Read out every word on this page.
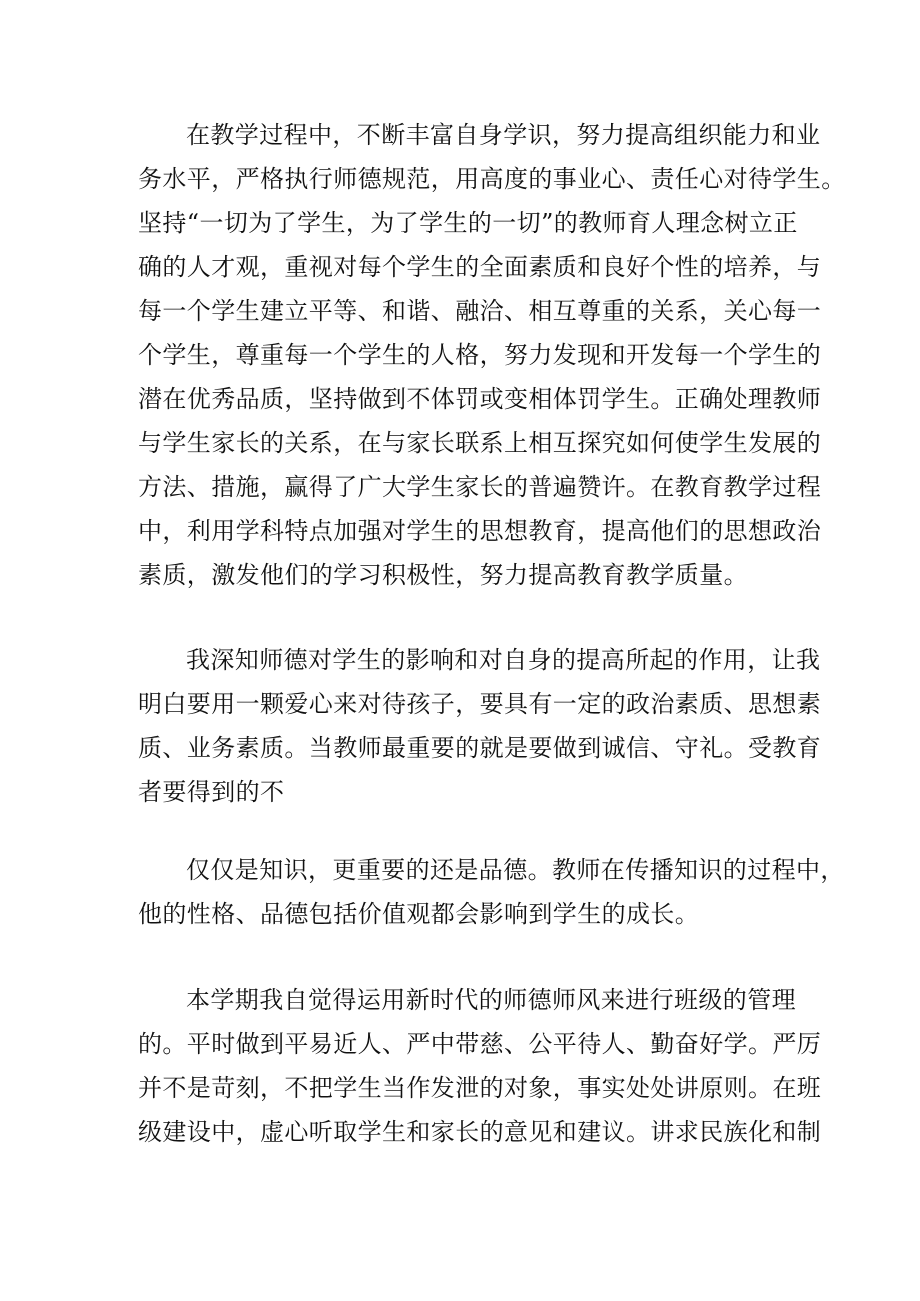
在教学过程中，不断丰富自身学识，努力提高组织能力和业
务水平，严格执行师德规范，用高度的事业心、责任心对待学生。
坚持“一切为了学生，为了学生的一切”的教师育人理念树立正
确的人才观，重视对每个学生的全面素质和良好个性的培养，与
每一个学生建立平等、和谐、融洽、相互尊重的关系，关心每一
个学生，尊重每一个学生的人格，努力发现和开发每一个学生的
潜在优秀品质，坚持做到不体罚或变相体罚学生。正确处理教师
与学生家长的关系，在与家长联系上相互探究如何使学生发展的
方法、措施，赢得了广大学生家长的普遍赞许。在教育教学过程
中，利用学科特点加强对学生的思想教育，提高他们的思想政治
素质，激发他们的学习积极性，努力提高教育教学质量。
我深知师德对学生的影响和对自身的提高所起的作用，让我
明白要用一颗爱心来对待孩子，要具有一定的政治素质、思想素
质、业务素质。当教师最重要的就是要做到诚信、守礼。受教育
者要得到的不
仅仅是知识，更重要的还是品德。教师在传播知识的过程中，
他的性格、品德包括价值观都会影响到学生的成长。
本学期我自觉得运用新时代的师德师风来进行班级的管理
的。平时做到平易近人、严中带慈、公平待人、勤奋好学。严厉
并不是苛刻，不把学生当作发泄的对象，事实处处讲原则。在班
级建设中，虚心听取学生和家长的意见和建议。讲求民族化和制
